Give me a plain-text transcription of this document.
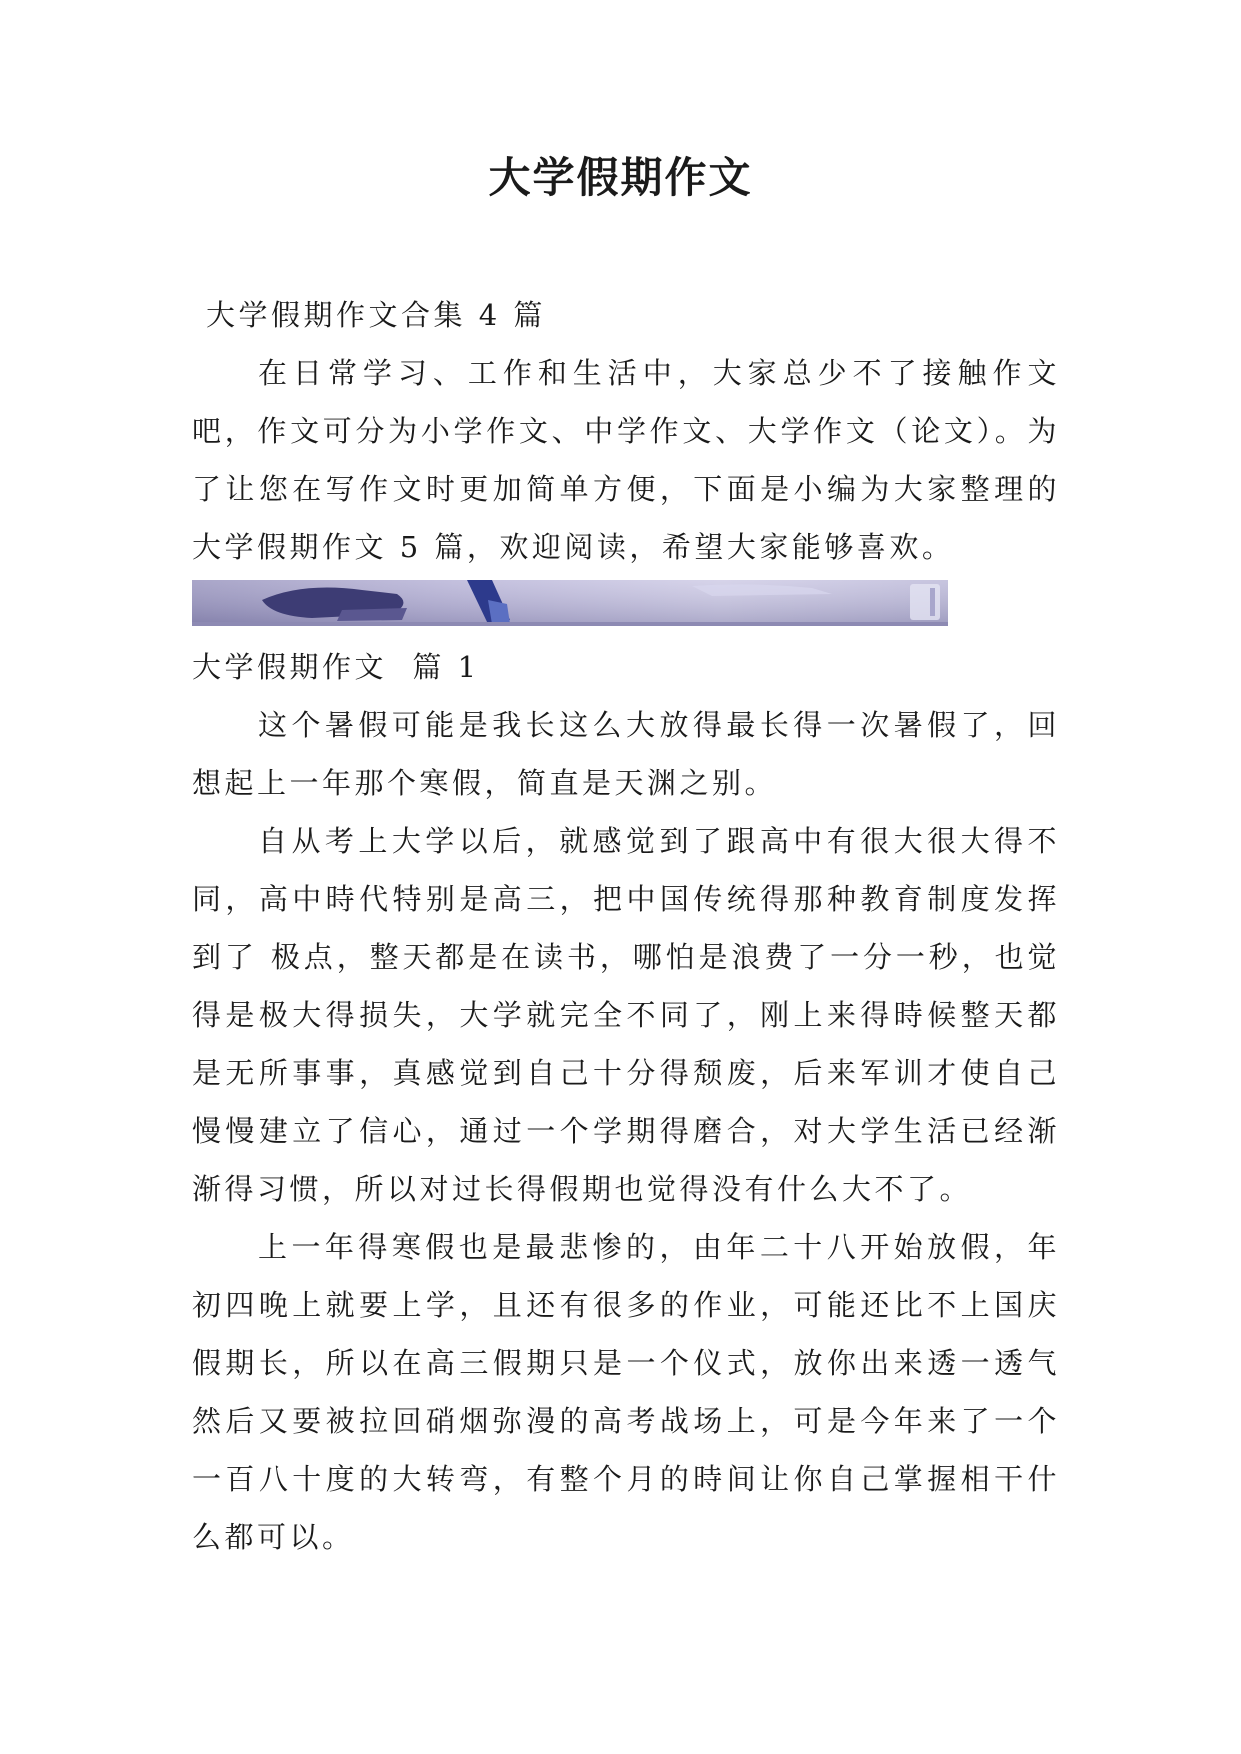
大学假期作文

大学假期作文合集 4 篇

在日常学习、工作和生活中，大家总少不了接触作文吧，作文可分为小学作文、中学作文、大学作文（论文）。为了让您在写作文时更加简单方便，下面是小编为大家整理的大学假期作文 5 篇，欢迎阅读，希望大家能够喜欢。

大学假期作文  篇 1

这个暑假可能是我长这么大放得最长得一次暑假了，回想起上一年那个寒假，简直是天渊之别。

自从考上大学以后，就感觉到了跟高中有很大很大得不同，高中時代特别是高三，把中国传统得那种教育制度发挥到了 极点，整天都是在读书，哪怕是浪费了一分一秒，也觉得是极大得损失，大学就完全不同了，刚上来得時候整天都是无所事事，真感觉到自己十分得颓废，后来军训才使自己慢慢建立了信心，通过一个学期得磨合，对大学生活已经渐渐得习惯，所以对过长得假期也觉得没有什么大不了。

上一年得寒假也是最悲惨的，由年二十八开始放假，年初四晚上就要上学，且还有很多的作业，可能还比不上国庆假期长，所以在高三假期只是一个仪式，放你出来透一透气然后又要被拉回硝烟弥漫的高考战场上，可是今年来了一个一百八十度的大转弯，有整个月的時间让你自己掌握相干什么都可以。
